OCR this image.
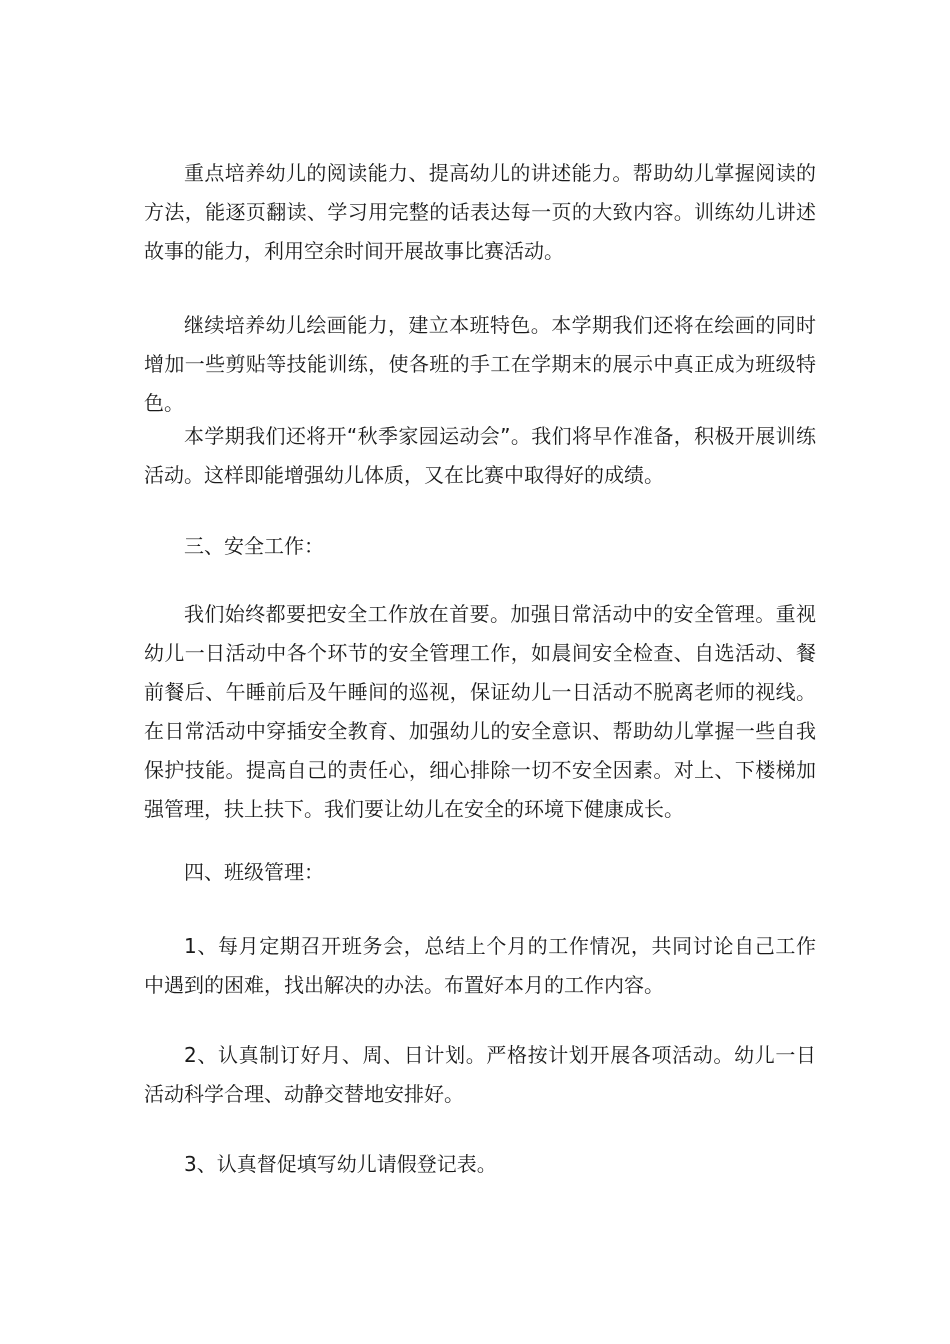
重点培养幼儿的阅读能力、提高幼儿的讲述能力。帮助幼儿掌握阅读的方法，能逐页翻读、学习用完整的话表达每一页的大致内容。训练幼儿讲述故事的能力，利用空余时间开展故事比赛活动。

继续培养幼儿绘画能力，建立本班特色。本学期我们还将在绘画的同时增加一些剪贴等技能训练，使各班的手工在学期末的展示中真正成为班级特色。

本学期我们还将开“秋季家园运动会”。我们将早作准备，积极开展训练活动。这样即能增强幼儿体质，又在比赛中取得好的成绩。

三、安全工作：

我们始终都要把安全工作放在首要。加强日常活动中的安全管理。重视幼儿一日活动中各个环节的安全管理工作，如晨间安全检查、自选活动、餐前餐后、午睡前后及午睡间的巡视，保证幼儿一日活动不脱离老师的视线。在日常活动中穿插安全教育、加强幼儿的安全意识、帮助幼儿掌握一些自我保护技能。提高自己的责任心，细心排除一切不安全因素。对上、下楼梯加强管理，扶上扶下。我们要让幼儿在安全的环境下健康成长。

四、班级管理：

1、每月定期召开班务会，总结上个月的工作情况，共同讨论自己工作中遇到的困难，找出解决的办法。布置好本月的工作内容。

2、认真制订好月、周、日计划。严格按计划开展各项活动。幼儿一日活动科学合理、动静交替地安排好。

3、认真督促填写幼儿请假登记表。
